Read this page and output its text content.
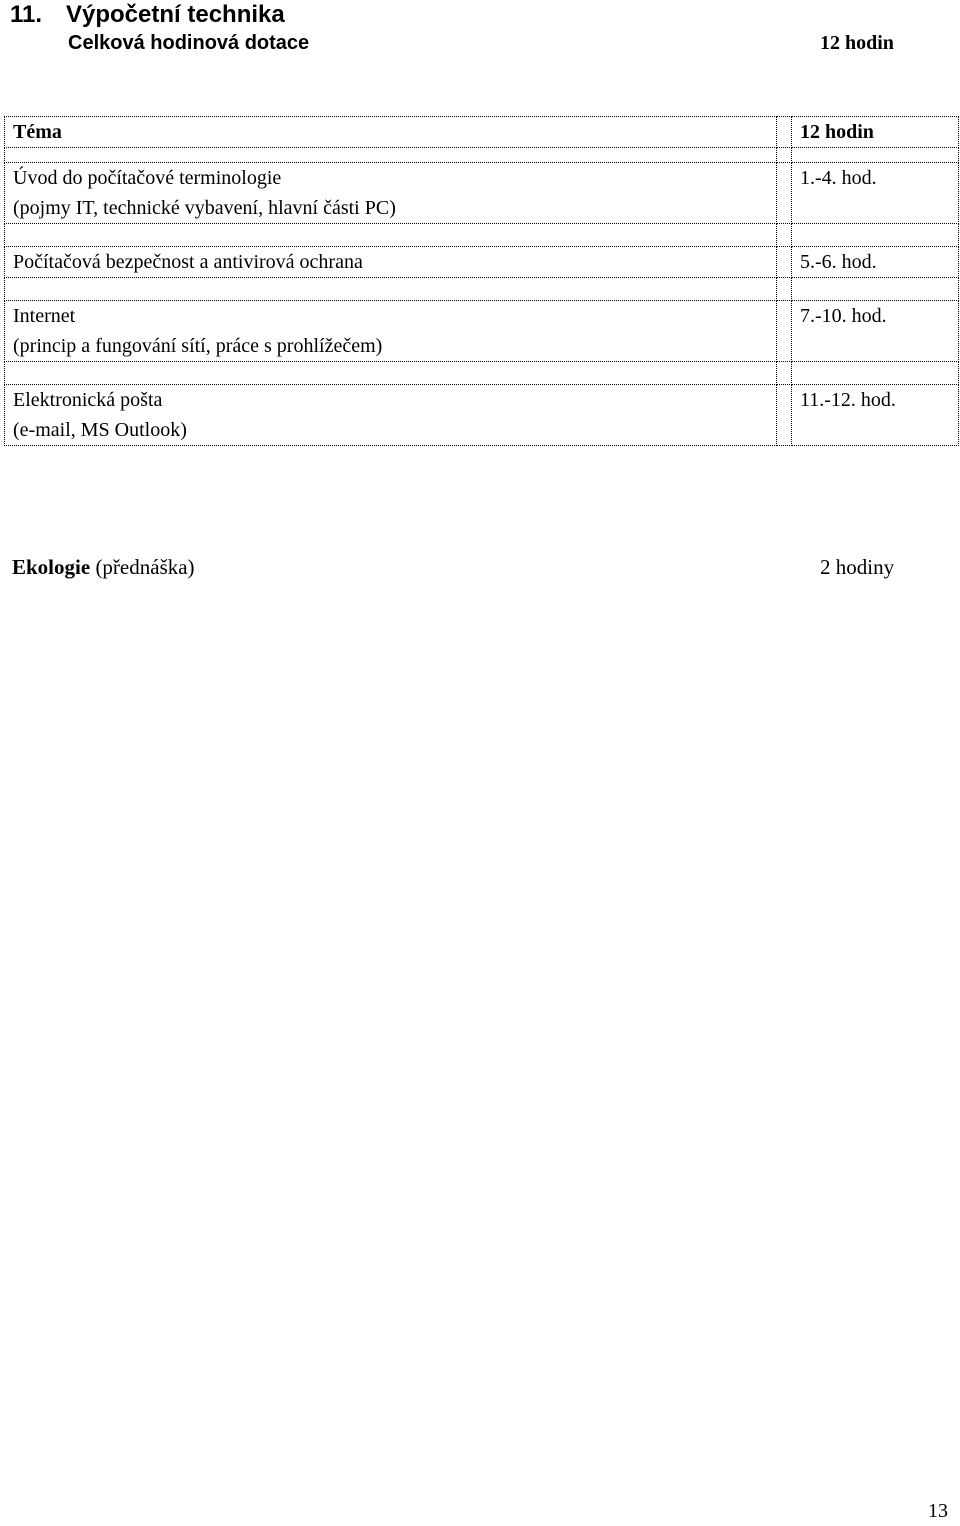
11. Výpočetní technika
Celková hodinová dotace	12 hodin
Téma		12 hodin

Úvod do počítačové terminologie
(pojmy IT, technické vybavení, hlavní části PC)		1.-4. hod.

Počítačová bezpečnost a antivirová ochrana		5.-6. hod.

Internet
(princip a fungování sítí, práce s prohlížečem)		7.-10. hod.

Elektronická pošta
(e-mail, MS Outlook)		11.-12. hod.
Ekologie (přednáška)	2 hodiny
13
